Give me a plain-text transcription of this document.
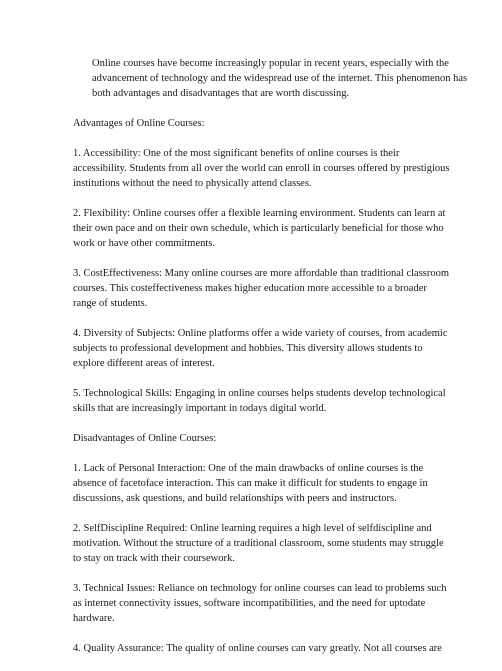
Online courses have become increasingly popular in recent years, especially with the
advancement of technology and the widespread use of the internet. This phenomenon has
both advantages and disadvantages that are worth discussing.

Advantages of Online Courses:

1. Accessibility: One of the most significant benefits of online courses is their
accessibility. Students from all over the world can enroll in courses offered by prestigious
institutions without the need to physically attend classes.

2. Flexibility: Online courses offer a flexible learning environment. Students can learn at
their own pace and on their own schedule, which is particularly beneficial for those who
work or have other commitments.

3. CostEffectiveness: Many online courses are more affordable than traditional classroom
courses. This costeffectiveness makes higher education more accessible to a broader
range of students.

4. Diversity of Subjects: Online platforms offer a wide variety of courses, from academic
subjects to professional development and hobbies. This diversity allows students to
explore different areas of interest.

5. Technological Skills: Engaging in online courses helps students develop technological
skills that are increasingly important in todays digital world.

Disadvantages of Online Courses:

1. Lack of Personal Interaction: One of the main drawbacks of online courses is the
absence of facetoface interaction. This can make it difficult for students to engage in
discussions, ask questions, and build relationships with peers and instructors.

2. SelfDiscipline Required: Online learning requires a high level of selfdiscipline and
motivation. Without the structure of a traditional classroom, some students may struggle
to stay on track with their coursework.

3. Technical Issues: Reliance on technology for online courses can lead to problems such
as internet connectivity issues, software incompatibilities, and the need for uptodate
hardware.

4. Quality Assurance: The quality of online courses can vary greatly. Not all courses are
